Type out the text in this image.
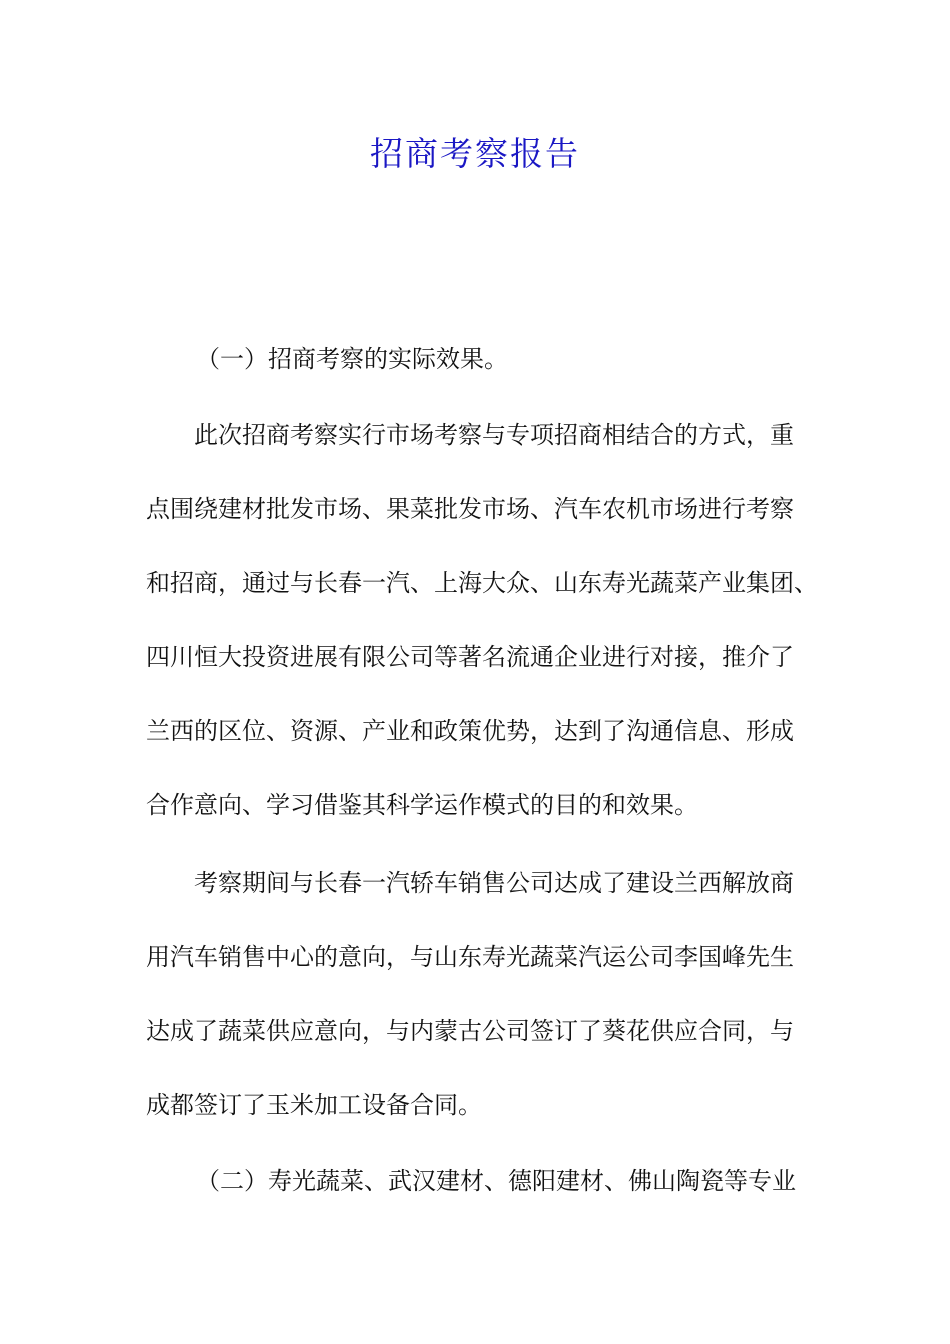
招商考察报告

（一）招商考察的实际效果。

此次招商考察实行市场考察与专项招商相结合的方式，重
点围绕建材批发市场、果菜批发市场、汽车农机市场进行考察
和招商，通过与长春一汽、上海大众、山东寿光蔬菜产业集团、
四川恒大投资进展有限公司等著名流通企业进行对接，推介了
兰西的区位、资源、产业和政策优势，达到了沟通信息、形成
合作意向、学习借鉴其科学运作模式的目的和效果。
考察期间与长春一汽轿车销售公司达成了建设兰西解放商
用汽车销售中心的意向，与山东寿光蔬菜汽运公司李国峰先生
达成了蔬菜供应意向，与内蒙古公司签订了葵花供应合同，与
成都签订了玉米加工设备合同。

（二）寿光蔬菜、武汉建材、德阳建材、佛山陶瓷等专业
